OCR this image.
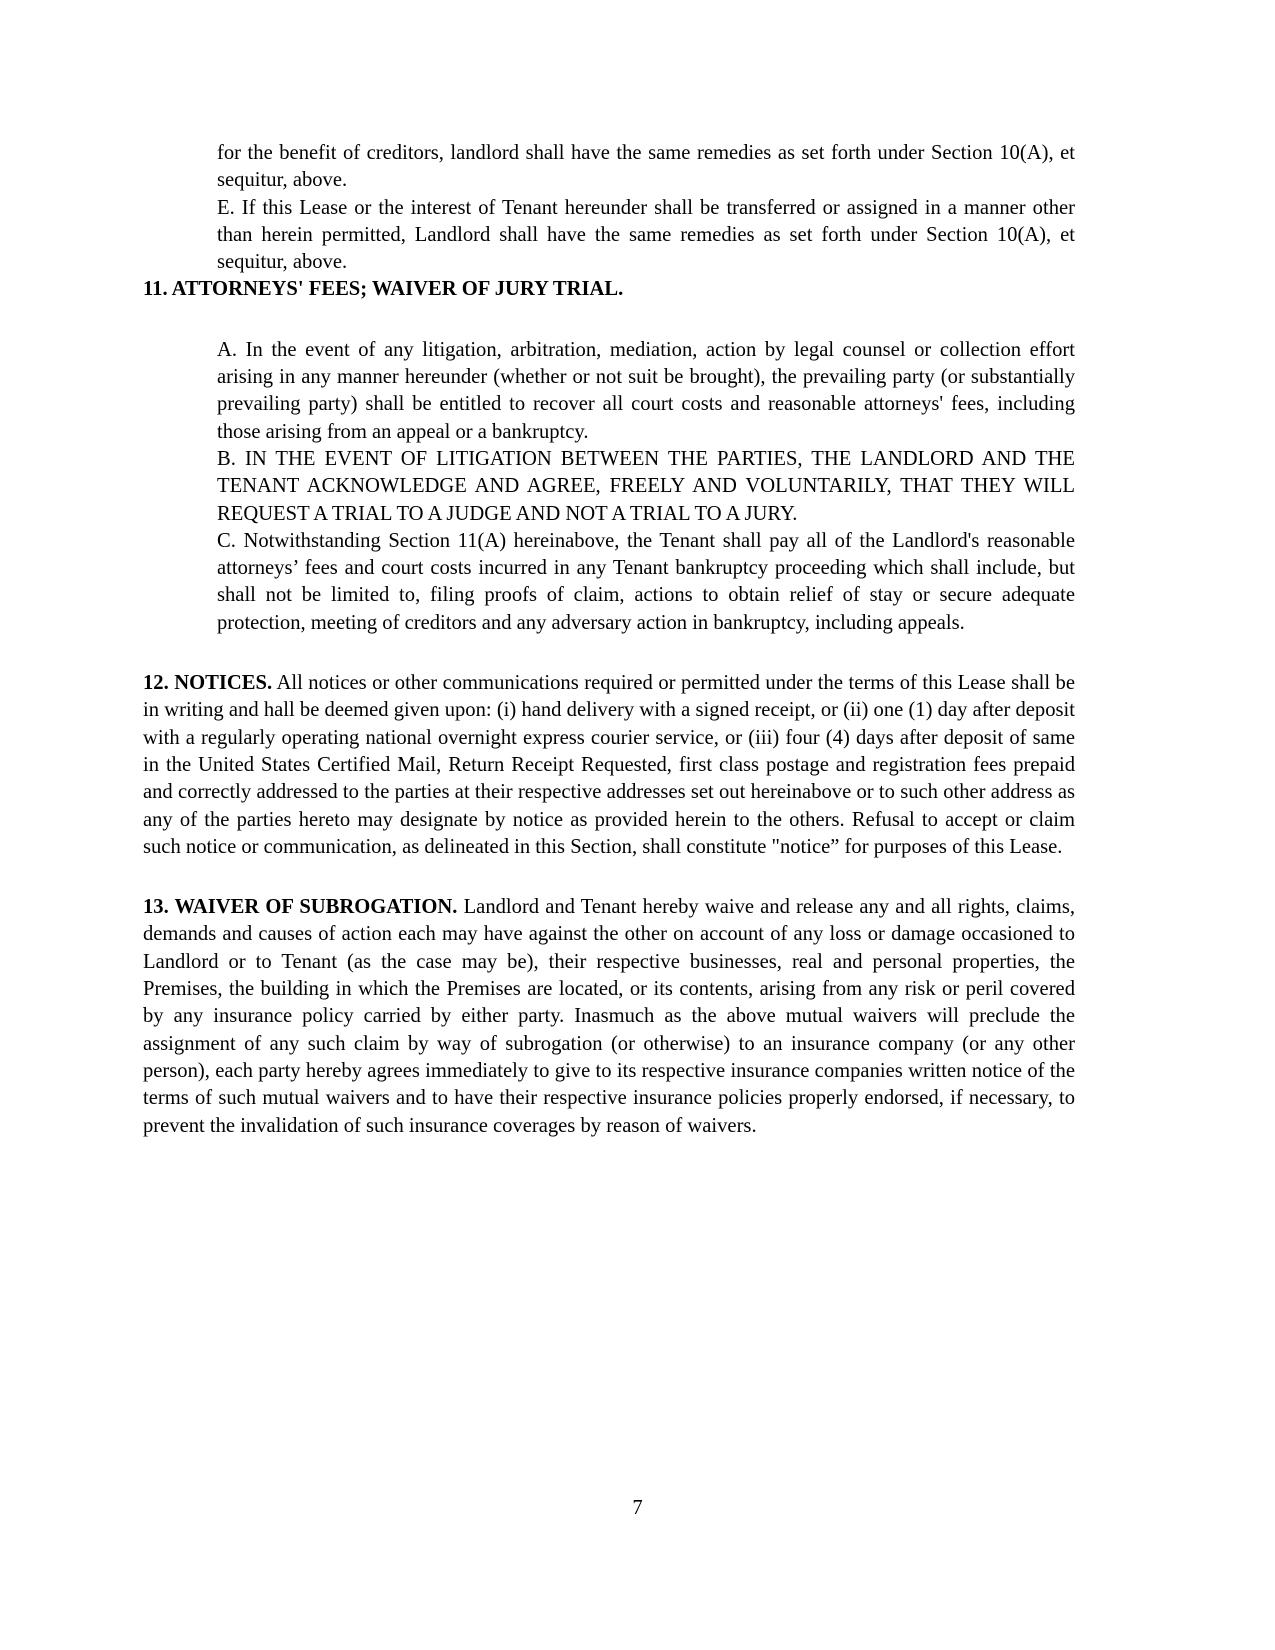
for the benefit of creditors, landlord shall have the same remedies as set forth under Section 10(A), et sequitur, above.

E. If this Lease or the interest of Tenant hereunder shall be transferred or assigned in a manner other than herein permitted, Landlord shall have the same remedies as set forth under Section 10(A), et sequitur, above.

11. ATTORNEYS' FEES; WAIVER OF JURY TRIAL.

A. In the event of any litigation, arbitration, mediation, action by legal counsel or collection effort arising in any manner hereunder (whether or not suit be brought), the prevailing party (or substantially prevailing party) shall be entitled to recover all court costs and reasonable attorneys' fees, including those arising from an appeal or a bankruptcy.

B. IN THE EVENT OF LITIGATION BETWEEN THE PARTIES, THE LANDLORD AND THE TENANT ACKNOWLEDGE AND AGREE, FREELY AND VOLUNTARILY, THAT THEY WILL REQUEST A TRIAL TO A JUDGE AND NOT A TRIAL TO A JURY.

C. Notwithstanding Section 11(A) hereinabove, the Tenant shall pay all of the Landlord's reasonable attorneys’ fees and court costs incurred in any Tenant bankruptcy proceeding which shall include, but shall not be limited to, filing proofs of claim, actions to obtain relief of stay or secure adequate protection, meeting of creditors and any adversary action in bankruptcy, including appeals.

12. NOTICES. All notices or other communications required or permitted under the terms of this Lease shall be in writing and hall be deemed given upon: (i) hand delivery with a signed receipt, or (ii) one (1) day after deposit with a regularly operating national overnight express courier service, or (iii) four (4) days after deposit of same in the United States Certified Mail, Return Receipt Requested, first class postage and registration fees prepaid and correctly addressed to the parties at their respective addresses set out hereinabove or to such other address as any of the parties hereto may designate by notice as provided herein to the others. Refusal to accept or claim such notice or communication, as delineated in this Section, shall constitute "notice” for purposes of this Lease.

13. WAIVER OF SUBROGATION. Landlord and Tenant hereby waive and release any and all rights, claims, demands and causes of action each may have against the other on account of any loss or damage occasioned to Landlord or to Tenant (as the case may be), their respective businesses, real and personal properties, the Premises, the building in which the Premises are located, or its contents, arising from any risk or peril covered by any insurance policy carried by either party. Inasmuch as the above mutual waivers will preclude the assignment of any such claim by way of subrogation (or otherwise) to an insurance company (or any other person), each party hereby agrees immediately to give to its respective insurance companies written notice of the terms of such mutual waivers and to have their respective insurance policies properly endorsed, if necessary, to prevent the invalidation of such insurance coverages by reason of waivers.

7
